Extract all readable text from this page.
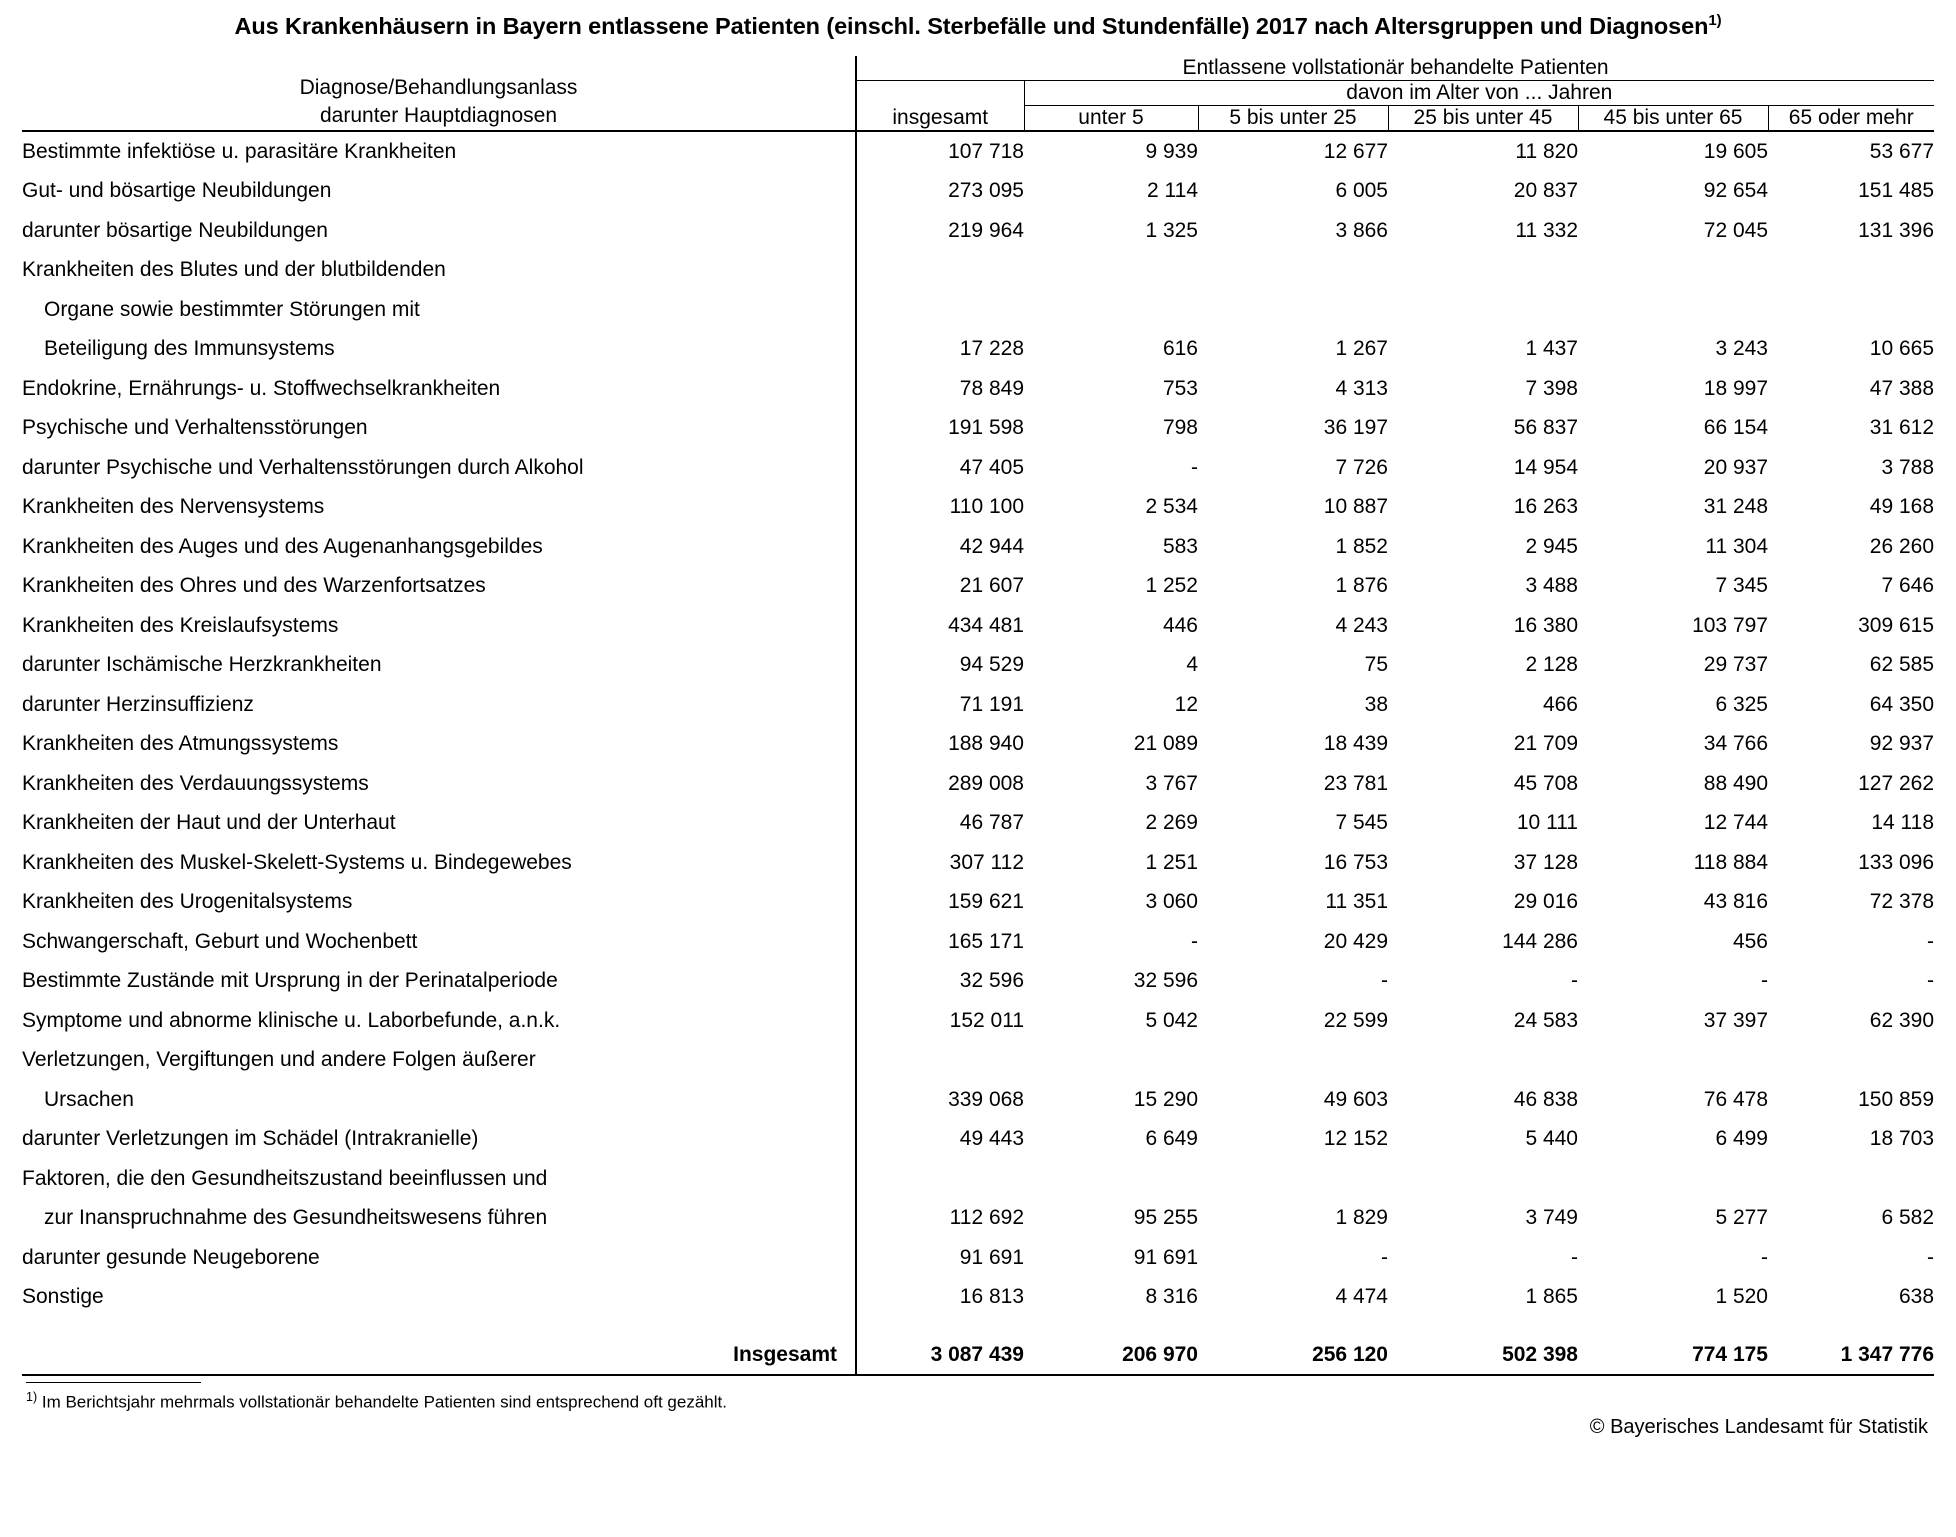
Aus Krankenhäusern in Bayern entlassene Patienten (einschl. Sterbefälle und Stundenfälle) 2017 nach Altersgruppen und Diagnosen$^{1)}$
Diagnose/Behandlungsanlass
darunter Hauptdiagnosen	Entlassene vollstationär behandelte Patienten					
	insgesamt	davon im Alter von ... Jahren				
		unter 5	5 bis unter 25	25 bis unter 45	45 bis unter 65	65 oder mehr
Bestimmte infektiöse u. parasitäre Krankheiten	107 718	9 939	12 677	11 820	19 605	53 677
Gut- und bösartige Neubildungen	273 095	2 114	6 005	20 837	92 654	151 485
darunter bösartige Neubildungen	219 964	1 325	3 866	11 332	72 045	131 396
Krankheiten des Blutes und der blutbildenden						
Organe sowie bestimmter Störungen mit						
Beteiligung des Immunsystems	17 228	616	1 267	1 437	3 243	10 665
Endokrine, Ernährungs- u. Stoffwechselkrankheiten	78 849	753	4 313	7 398	18 997	47 388
Psychische und Verhaltensstörungen	191 598	798	36 197	56 837	66 154	31 612
darunter Psychische und Verhaltensstörungen durch Alkohol	47 405	-	7 726	14 954	20 937	3 788
Krankheiten des Nervensystems	110 100	2 534	10 887	16 263	31 248	49 168
Krankheiten des Auges und des Augenanhangsgebildes	42 944	583	1 852	2 945	11 304	26 260
Krankheiten des Ohres und des Warzenfortsatzes	21 607	1 252	1 876	3 488	7 345	7 646
Krankheiten des Kreislaufsystems	434 481	446	4 243	16 380	103 797	309 615
darunter Ischämische Herzkrankheiten	94 529	4	75	2 128	29 737	62 585
darunter Herzinsuffizienz	71 191	12	38	466	6 325	64 350
Krankheiten des Atmungssystems	188 940	21 089	18 439	21 709	34 766	92 937
Krankheiten des Verdauungssystems	289 008	3 767	23 781	45 708	88 490	127 262
Krankheiten der Haut und der Unterhaut	46 787	2 269	7 545	10 111	12 744	14 118
Krankheiten des Muskel-Skelett-Systems u. Bindegewebes	307 112	1 251	16 753	37 128	118 884	133 096
Krankheiten des Urogenitalsystems	159 621	3 060	11 351	29 016	43 816	72 378
Schwangerschaft, Geburt und Wochenbett	165 171	-	20 429	144 286	456	-
Bestimmte Zustände mit Ursprung in der Perinatalperiode	32 596	32 596	-	-	-	-
Symptome und abnorme klinische u. Laborbefunde, a.n.k.	152 011	5 042	22 599	24 583	37 397	62 390
Verletzungen, Vergiftungen und andere Folgen äußerer						
Ursachen	339 068	15 290	49 603	46 838	76 478	150 859
darunter Verletzungen im Schädel (Intrakranielle)	49 443	6 649	12 152	5 440	6 499	18 703
Faktoren, die den Gesundheitszustand beeinflussen und						
zur Inanspruchnahme des Gesundheitswesens führen	112 692	95 255	1 829	3 749	5 277	6 582
darunter gesunde Neugeborene	91 691	91 691	-	-	-	-
Sonstige	16 813	8 316	4 474	1 865	1 520	638

Insgesamt	3 087 439	206 970	256 120	502 398	774 175	1 347 776

$^{1)}$ Im Berichtsjahr mehrmals vollstationär behandelte Patienten sind entsprechend oft gezählt.
© Bayerisches Landesamt für Statistik
